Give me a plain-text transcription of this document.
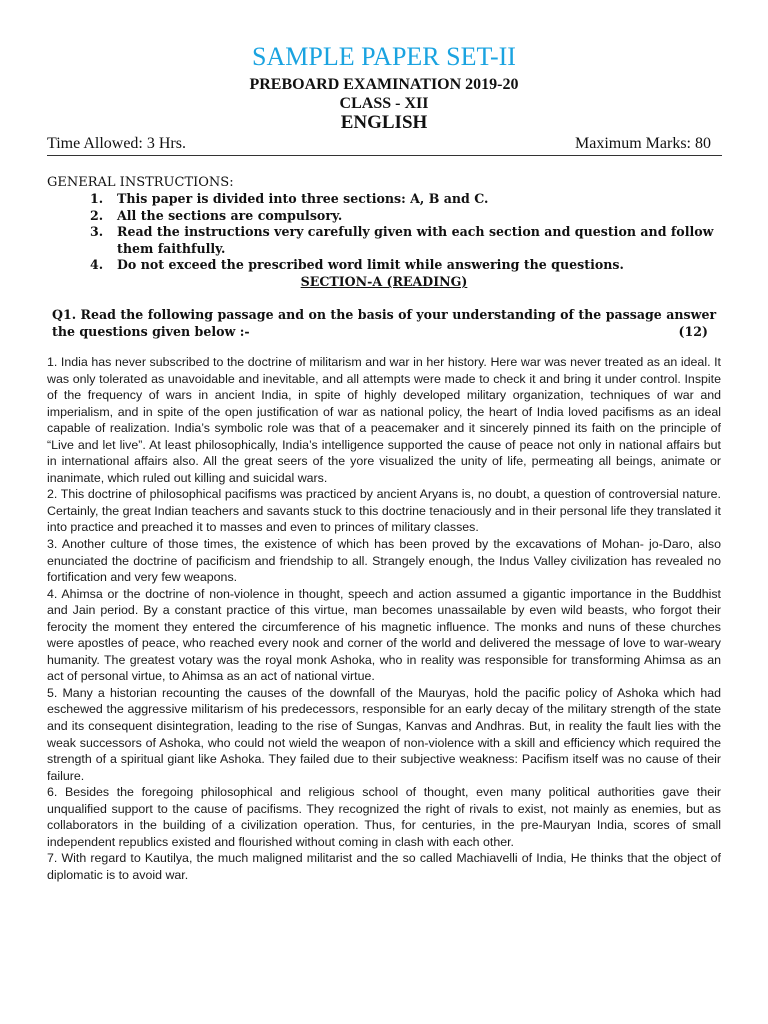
SAMPLE PAPER SET-II
PREBOARD EXAMINATION 2019-20
CLASS - XII
ENGLISH
Time Allowed: 3 Hrs.	Maximum Marks: 80
GENERAL INSTRUCTIONS:
1. This paper is divided into three sections: A, B and C.
2. All the sections are compulsory.
3. Read the instructions very carefully given with each section and question and follow them faithfully.
4. Do not exceed the prescribed word limit while answering the questions.
SECTION-A (READING)
Q1. Read the following passage and on the basis of your understanding of the passage answer the questions given below :-	(12)

1. India has never subscribed to the doctrine of militarism and war in her history. Here war was never treated as an ideal. It was only tolerated as unavoidable and inevitable, and all attempts were made to check it and bring it under control. Inspite of the frequency of wars in ancient India, in spite of highly developed military organization, techniques of war and imperialism, and in spite of the open justification of war as national policy, the heart of India loved pacifisms as an ideal capable of realization. India’s symbolic role was that of a peacemaker and it sincerely pinned its faith on the principle of “Live and let live”. At least philosophically, India’s intelligence supported the cause of peace not only in national affairs but in international affairs also. All the great seers of the yore visualized the unity of life, permeating all beings, animate or inanimate, which ruled out killing and suicidal wars.

2. This doctrine of philosophical pacifisms was practiced by ancient Aryans is, no doubt, a question of controversial nature. Certainly, the great Indian teachers and savants stuck to this doctrine tenaciously and in their personal life they translated it into practice and preached it to masses and even to princes of military classes.

3. Another culture of those times, the existence of which has been proved by the excavations of Mohan- jo-Daro, also enunciated the doctrine of pacificism and friendship to all. Strangely enough, the Indus Valley civilization has revealed no fortification and very few weapons.

4. Ahimsa or the doctrine of non-violence in thought, speech and action assumed a gigantic importance in the Buddhist and Jain period. By a constant practice of this virtue, man becomes unassailable by even wild beasts, who forgot their ferocity the moment they entered the circumference of his magnetic influence. The monks and nuns of these churches were apostles of peace, who reached every nook and corner of the world and delivered the message of love to war-weary humanity. The greatest votary was the royal monk Ashoka, who in reality was responsible for transforming Ahimsa as an act of personal virtue, to Ahimsa as an act of national virtue.

5. Many a historian recounting the causes of the downfall of the Mauryas, hold the pacific policy of Ashoka which had eschewed the aggressive militarism of his predecessors, responsible for an early decay of the military strength of the state and its consequent disintegration, leading to the rise of Sungas, Kanvas and Andhras. But, in reality the fault lies with the weak successors of Ashoka, who could not wield the weapon of non-violence with a skill and efficiency which required the strength of a spiritual giant like Ashoka. They failed due to their subjective weakness: Pacifism itself was no cause of their failure.

6. Besides the foregoing philosophical and religious school of thought, even many political authorities gave their unqualified support to the cause of pacifisms. They recognized the right of rivals to exist, not mainly as enemies, but as collaborators in the building of a civilization operation. Thus, for centuries, in the pre-Mauryan India, scores of small independent republics existed and flourished without coming in clash with each other.

7. With regard to Kautilya, the much maligned militarist and the so called Machiavelli of India, He thinks that the object of diplomatic is to avoid war.
